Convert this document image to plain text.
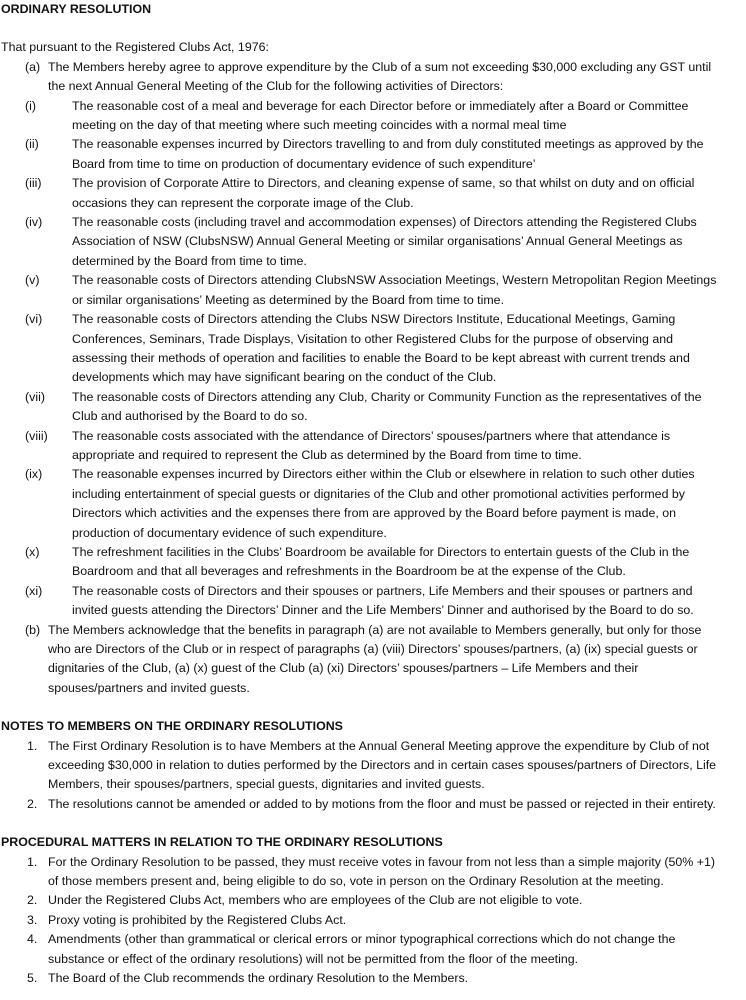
ORDINARY RESOLUTION

That pursuant to the Registered Clubs Act, 1976:

(a) The Members hereby agree to approve expenditure by the Club of a sum not exceeding $30,000 excluding any GST until the next Annual General Meeting of the Club for the following activities of Directors:
(i)	The reasonable cost of a meal and beverage for each Director before or immediately after a Board or Committee meeting on the day of that meeting where such meeting coincides with a normal meal time
(ii)	The reasonable expenses incurred by Directors travelling to and from duly constituted meetings as approved by the Board from time to time on production of documentary evidence of such expenditure’
(iii)	The provision of Corporate Attire to Directors, and cleaning expense of same, so that whilst on duty and on official occasions they can represent the corporate image of the Club.
(iv)	The reasonable costs (including travel and accommodation expenses) of Directors attending the Registered Clubs Association of NSW (ClubsNSW) Annual General Meeting or similar organisations’ Annual General Meetings as determined by the Board from time to time.
(v)	The reasonable costs of Directors attending ClubsNSW Association Meetings, Western Metropolitan Region Meetings or similar organisations’ Meeting as determined by the Board from time to time.
(vi)	The reasonable costs of Directors attending the Clubs NSW Directors Institute, Educational Meetings, Gaming Conferences, Seminars, Trade Displays, Visitation to other Registered Clubs for the purpose of observing and assessing their methods of operation and facilities to enable the Board to be kept abreast with current trends and developments which may have significant bearing on the conduct of the Club.
(vii)	The reasonable costs of Directors attending any Club, Charity or Community Function as the representatives of the Club and authorised by the Board to do so.
(viii)	The reasonable costs associated with the attendance of Directors’ spouses/partners where that attendance is appropriate and required to represent the Club as determined by the Board from time to time.
(ix)	The reasonable expenses incurred by Directors either within the Club or elsewhere in relation to such other duties including entertainment of special guests or dignitaries of the Club and other promotional activities performed by Directors which activities and the expenses there from are approved by the Board before payment is made, on production of documentary evidence of such expenditure.
(x)	The refreshment facilities in the Clubs’ Boardroom be available for Directors to entertain guests of the Club in the Boardroom and that all beverages and refreshments in the Boardroom be at the expense of the Club.
(xi)	The reasonable costs of Directors and their spouses or partners, Life Members and their spouses or partners and invited guests attending the Directors’ Dinner and the Life Members’ Dinner and authorised by the Board to do so.
(b) The Members acknowledge that the benefits in paragraph (a) are not available to Members generally, but only for those who are Directors of the Club or in respect of paragraphs (a) (viii) Directors’ spouses/partners, (a) (ix) special guests or dignitaries of the Club, (a) (x) guest of the Club (a) (xi) Directors’ spouses/partners – Life Members and their spouses/partners and invited guests.

NOTES TO MEMBERS ON THE ORDINARY RESOLUTIONS

1. The First Ordinary Resolution is to have Members at the Annual General Meeting approve the expenditure by Club of not exceeding $30,000 in relation to duties performed by the Directors and in certain cases spouses/partners of Directors, Life Members, their spouses/partners, special guests, dignitaries and invited guests.
2. The resolutions cannot be amended or added to by motions from the floor and must be passed or rejected in their entirety.

PROCEDURAL MATTERS IN RELATION TO THE ORDINARY RESOLUTIONS

1. For the Ordinary Resolution to be passed, they must receive votes in favour from not less than a simple majority (50% +1) of those members present and, being eligible to do so, vote in person on the Ordinary Resolution at the meeting.
2. Under the Registered Clubs Act, members who are employees of the Club are not eligible to vote.
3. Proxy voting is prohibited by the Registered Clubs Act.
4. Amendments (other than grammatical or clerical errors or minor typographical corrections which do not change the substance or effect of the ordinary resolutions) will not be permitted from the floor of the meeting.
5. The Board of the Club recommends the ordinary Resolution to the Members.
